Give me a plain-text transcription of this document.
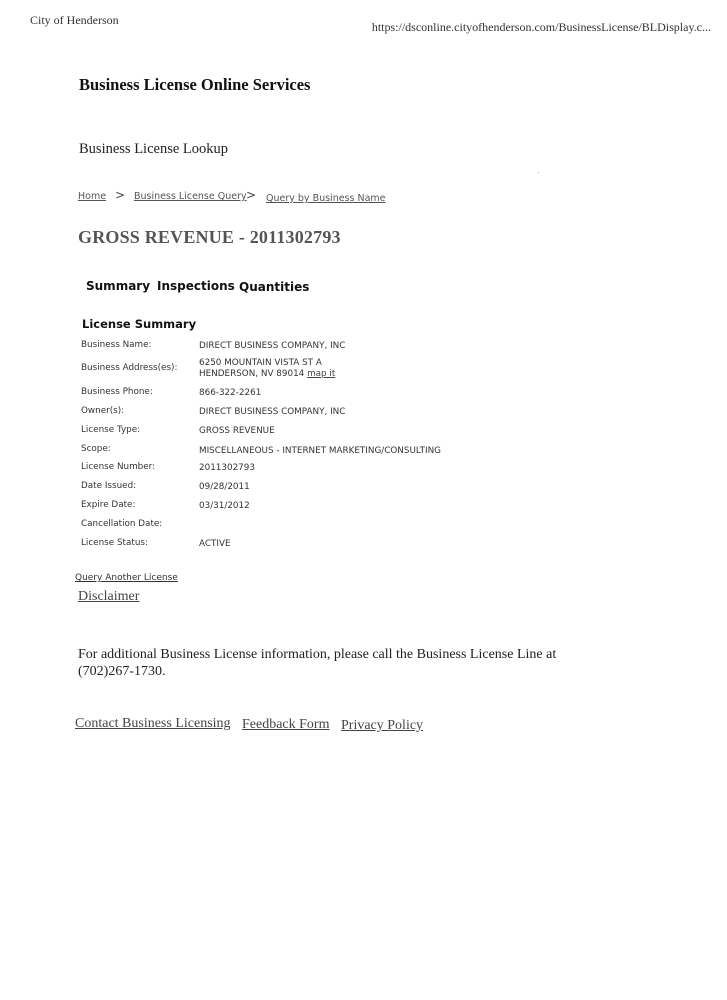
City of Henderson	https://dsconline.cityofhenderson.com/BusinessLicense/BLDisplay.c...
Business License Online Services
Business License Lookup
Home > Business License Query > Query by Business Name
GROSS REVENUE - 2011302793
Summary Inspections Quantities
License Summary
Business Name:	DIRECT BUSINESS COMPANY, INC
Business Address(es): 6250 MOUNTAIN VISTA ST A
HENDERSON, NV 89014 map it
Business Phone:	866-322-2261
Owner(s):	DIRECT BUSINESS COMPANY, INC
License Type:	GROSS REVENUE
Scope:	MISCELLANEOUS - INTERNET MARKETING/CONSULTING
License Number:	2011302793
Date Issued:	09/28/2011
Expire Date:	03/31/2012
Cancellation Date:
License Status:	ACTIVE
Query Another License
Disclaimer
For additional Business License information, please call the Business License Line at (702)267-1730.
Contact Business Licensing Feedback Form Privacy Policy
